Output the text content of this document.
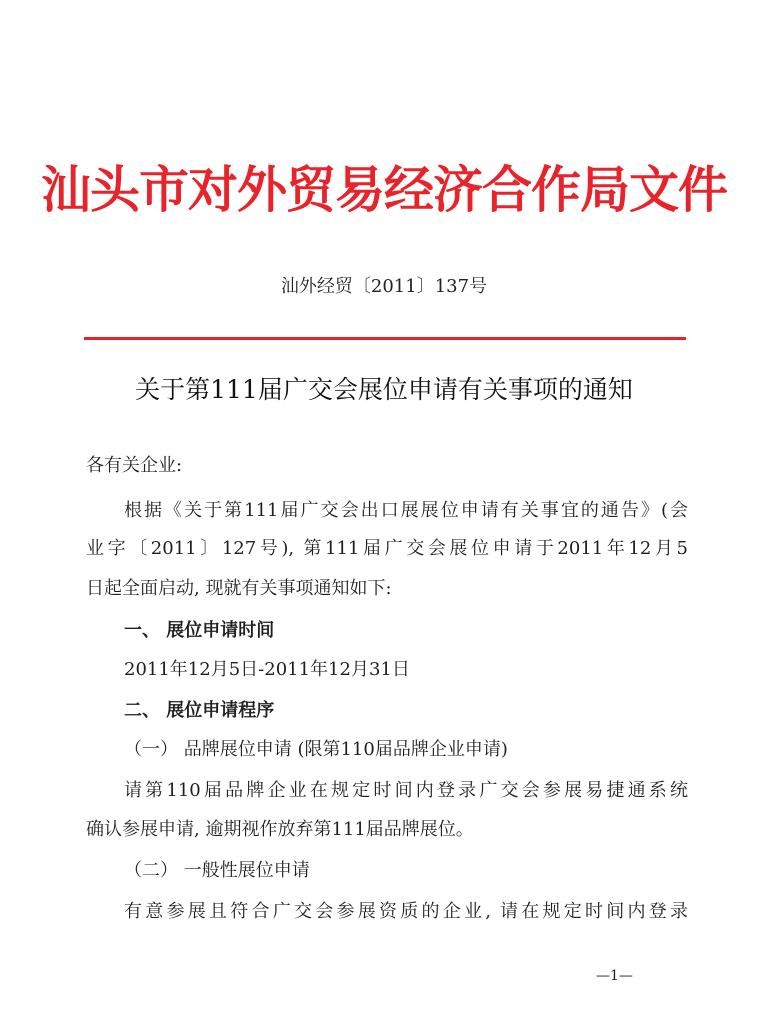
汕头市对外贸易经济合作局文件
汕外经贸〔2011〕137号
关于第111届广交会展位申请有关事项的通知
各有关企业:
根据《关于第111届广交会出口展展位申请有关事宜的通告》(会
业字〔2011〕127号), 第111届广交会展位申请于2011年12月5
日起全面启动, 现就有关事项通知如下:
一、 展位申请时间
2011年12月5日-2011年12月31日
二、 展位申请程序
（一） 品牌展位申请 (限第110届品牌企业申请)
请第110届品牌企业在规定时间内登录广交会参展易捷通系统
确认参展申请, 逾期视作放弃第111届品牌展位。
（二） 一般性展位申请
有意参展且符合广交会参展资质的企业, 请在规定时间内登录
—1—
